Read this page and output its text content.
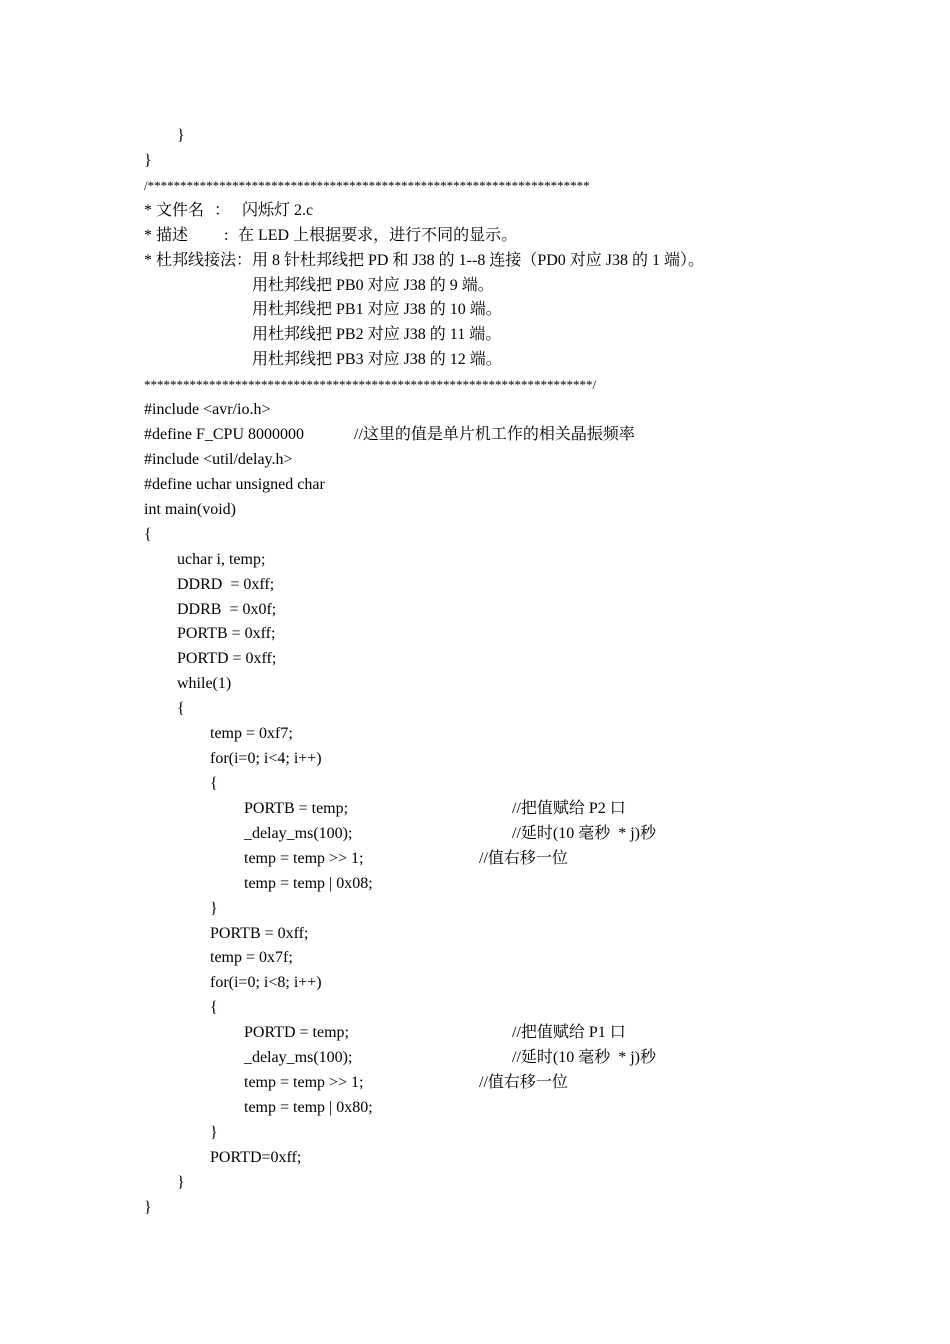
}
}
/********************************************************************
* 文件名 ： 闪烁灯 2.c
* 描述 : 在 LED 上根据要求，进行不同的显示。
* 杜邦线接法：用 8 针杜邦线把 PD 和 J38 的 1--8 连接（PD0 对应 J38 的 1 端）。
用杜邦线把 PB0 对应 J38 的 9 端。
用杜邦线把 PB1 对应 J38 的 10 端。
用杜邦线把 PB2 对应 J38 的 11 端。
用杜邦线把 PB3 对应 J38 的 12 端。
*********************************************************************/
#include <avr/io.h>
#define F_CPU 8000000	//这里的值是单片机工作的相关晶振频率
#include <util/delay.h>
#define uchar unsigned char
int main(void)
{
uchar i, temp;
DDRD  = 0xff;
DDRB  = 0x0f;
PORTB = 0xff;
PORTD = 0xff;
while(1)
{
temp = 0xf7;
for(i=0; i<4; i++)
{
PORTB = temp;	//把值赋给 P2 口
_delay_ms(100);	//延时(10 毫秒  * j)秒
temp = temp >> 1;	//值右移一位
temp = temp | 0x08;
}
PORTB = 0xff;
temp = 0x7f;
for(i=0; i<8; i++)
{
PORTD = temp;	//把值赋给 P1 口
_delay_ms(100);	//延时(10 毫秒  * j)秒
temp = temp >> 1;	//值右移一位
temp = temp | 0x80;
}
PORTD=0xff;
}
}
